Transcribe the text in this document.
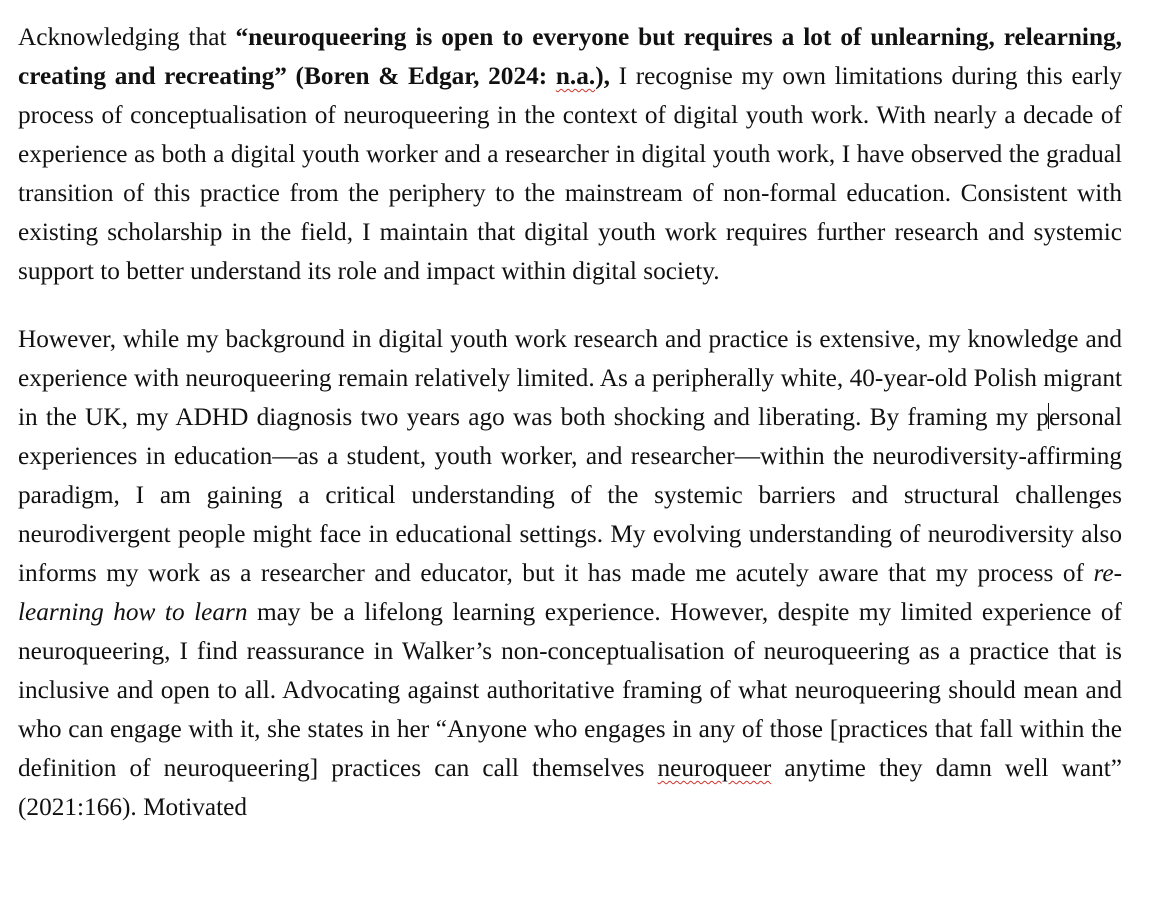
Acknowledging that “neuroqueering is open to everyone but requires a lot of unlearning, relearning, creating and recreating” (Boren & Edgar, 2024: n.a.), I recognise my own limitations during this early process of conceptualisation of neuroqueering in the context of digital youth work. With nearly a decade of experience as both a digital youth worker and a researcher in digital youth work, I have observed the gradual transition of this practice from the periphery to the mainstream of non-formal education. Consistent with existing scholarship in the field, I maintain that digital youth work requires further research and systemic support to better understand its role and impact within digital society.

However, while my background in digital youth work research and practice is extensive, my knowledge and experience with neuroqueering remain relatively limited. As a peripherally white, 40-year-old Polish migrant in the UK, my ADHD diagnosis two years ago was both shocking and liberating. By framing my personal experiences in education—as a student, youth worker, and researcher—within the neurodiversity-affirming paradigm, I am gaining a critical understanding of the systemic barriers and structural challenges neurodivergent people might face in educational settings. My evolving understanding of neurodiversity also informs my work as a researcher and educator, but it has made me acutely aware that my process of re-learning how to learn may be a lifelong learning experience. However, despite my limited experience of neuroqueering, I find reassurance in Walker’s non-conceptualisation of neuroqueering as a practice that is inclusive and open to all. Advocating against authoritative framing of what neuroqueering should mean and who can engage with it, she states in her “Anyone who engages in any of those [practices that fall within the definition of neuroqueering] practices can call themselves neuroqueer anytime they damn well want” (2021:166). Motivated
